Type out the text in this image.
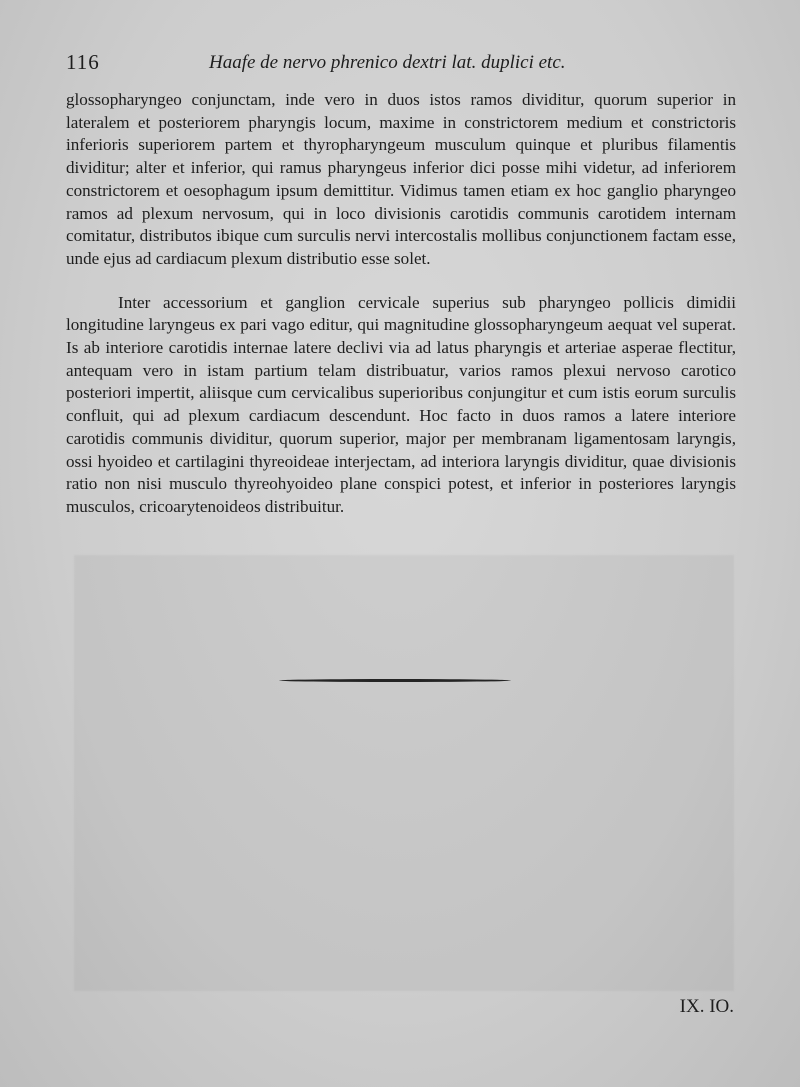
116	Haafe de nervo phrenico dextri lat. duplici etc.

glossopharyngeo conjunctam, inde vero in duos istos ramos dividitur, quorum superior in lateralem et posteriorem pharyngis locum, maxime in constrictorem medium et constrictoris inferioris superiorem partem et thyropharyngeum musculum quinque et pluribus filamentis dividitur; alter et inferior, qui ramus pharyngeus inferior dici posse mihi videtur, ad inferiorem constrictorem et oesophagum ipsum demittitur. Vidimus tamen etiam ex hoc ganglio pharyngeo ramos ad plexum nervosum, qui in loco divisionis carotidis communis carotidem internam comitatur, distributos ibique cum surculis nervi intercostalis mollibus conjunctionem factam esse, unde ejus ad cardiacum plexum distributio esse solet.

Inter accessorium et ganglion cervicale superius sub pharyngeo pollicis dimidii longitudine laryngeus ex pari vago editur, qui magnitudine glossopharyngeum aequat vel superat. Is ab interiore carotidis internae latere declivi via ad latus pharyngis et arteriae asperae flectitur, antequam vero in istam partium telam distribuatur, varios ramos plexui nervoso carotico posteriori impertit, aliisque cum cervicalibus superioribus conjungitur et cum istis eorum surculis confluit, qui ad plexum cardiacum descendunt. Hoc facto in duos ramos a latere interiore carotidis communis dividitur, quorum superior, major per membranam ligamentosam laryngis, ossi hyoideo et cartilagini thyreoideae interjectam, ad interiora laryngis dividitur, quae divisionis ratio non nisi musculo thyreohyoideo plane conspici potest, et inferior in posteriores laryngis musculos, cricoarytenoideos distribuitur.

IX. IO.
